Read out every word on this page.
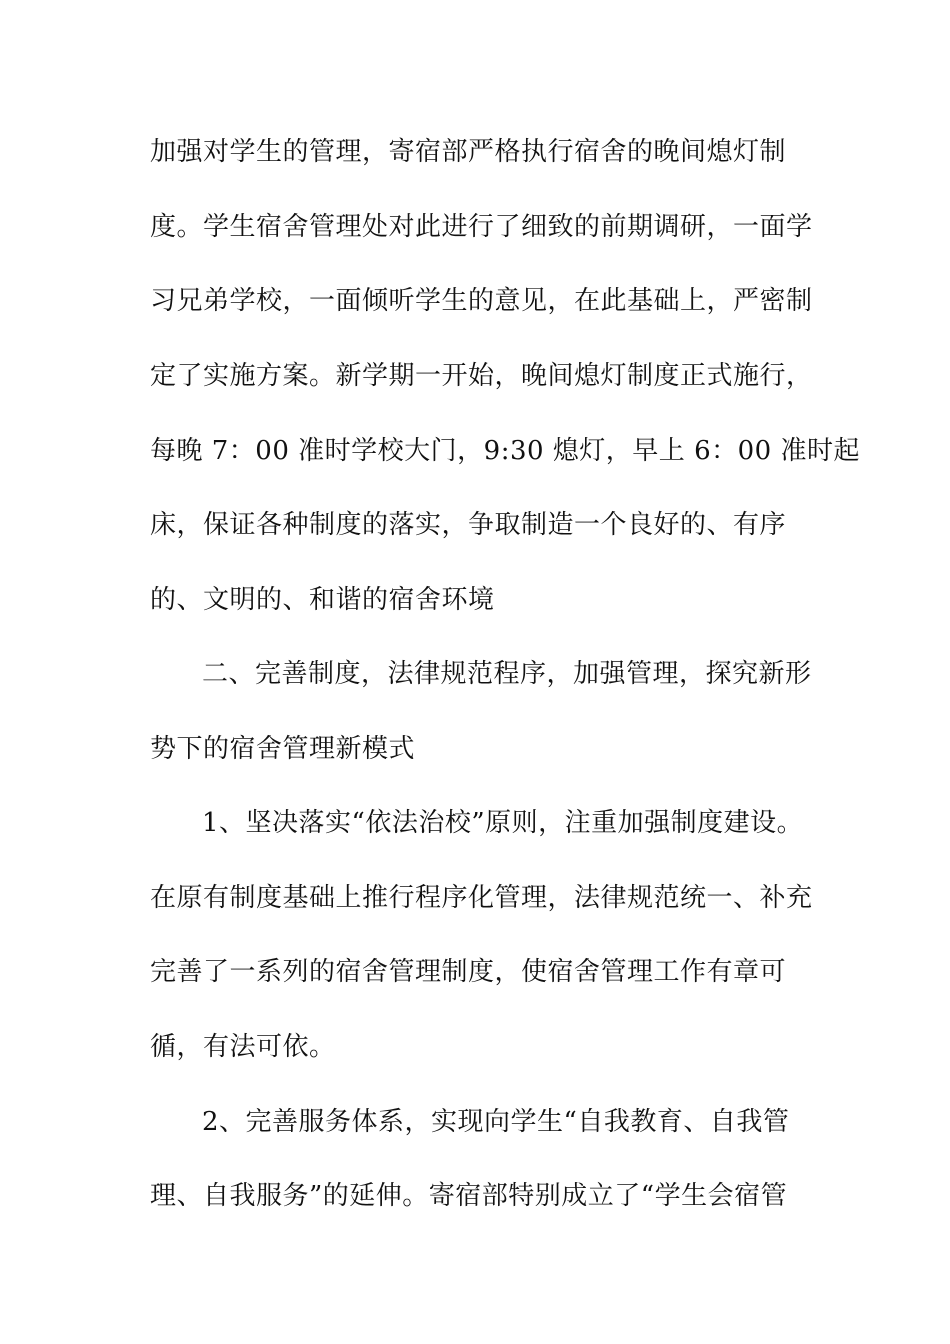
加强对学生的管理，寄宿部严格执行宿舍的晚间熄灯制
度。学生宿舍管理处对此进行了细致的前期调研，一面学
习兄弟学校，一面倾听学生的意见，在此基础上，严密制
定了实施方案。新学期一开始，晚间熄灯制度正式施行，
每晚 7：00 准时学校大门，9:30 熄灯，早上 6：00 准时起
床，保证各种制度的落实，争取制造一个良好的、有序
的、文明的、和谐的宿舍环境
二、完善制度，法律规范程序，加强管理，探究新形
势下的宿舍管理新模式
1、坚决落实“依法治校”原则，注重加强制度建设。
在原有制度基础上推行程序化管理，法律规范统一、补充
完善了一系列的宿舍管理制度，使宿舍管理工作有章可
循，有法可依。
2、完善服务体系，实现向学生“自我教育、自我管
理、自我服务”的延伸。寄宿部特别成立了“学生会宿管
